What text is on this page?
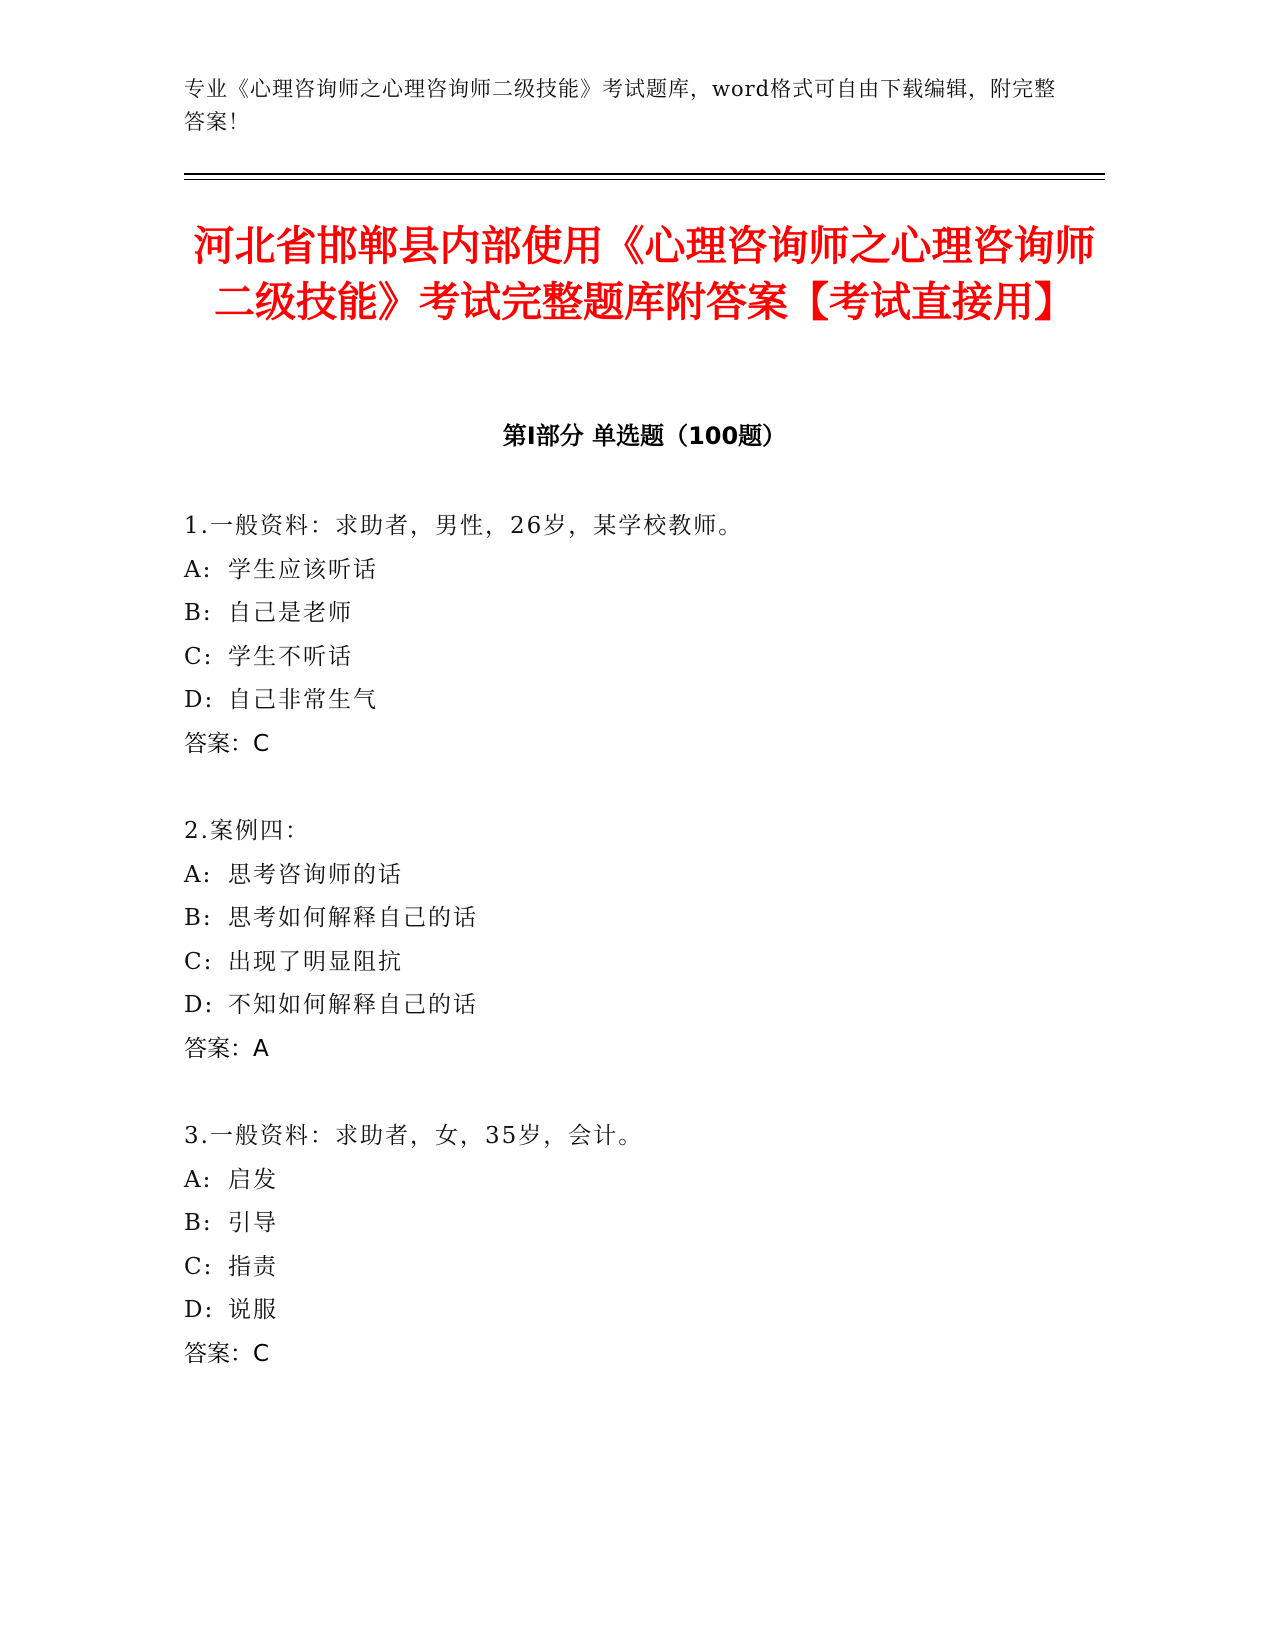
专业《心理咨询师之心理咨询师二级技能》考试题库，word格式可自由下载编辑，附完整答案！
河北省邯郸县内部使用《心理咨询师之心理咨询师二级技能》考试完整题库附答案【考试直接用】
第Ⅰ部分 单选题（100题）
1.一般资料：求助者，男性，26岁，某学校教师。
A: 学生应该听话
B: 自己是老师
C: 学生不听话
D: 自己非常生气
答案：C
2.案例四：
A: 思考咨询师的话
B: 思考如何解释自己的话
C: 出现了明显阻抗
D: 不知如何解释自己的话
答案：A
3.一般资料：求助者，女，35岁，会计。
A: 启发
B: 引导
C: 指责
D: 说服
答案：C
